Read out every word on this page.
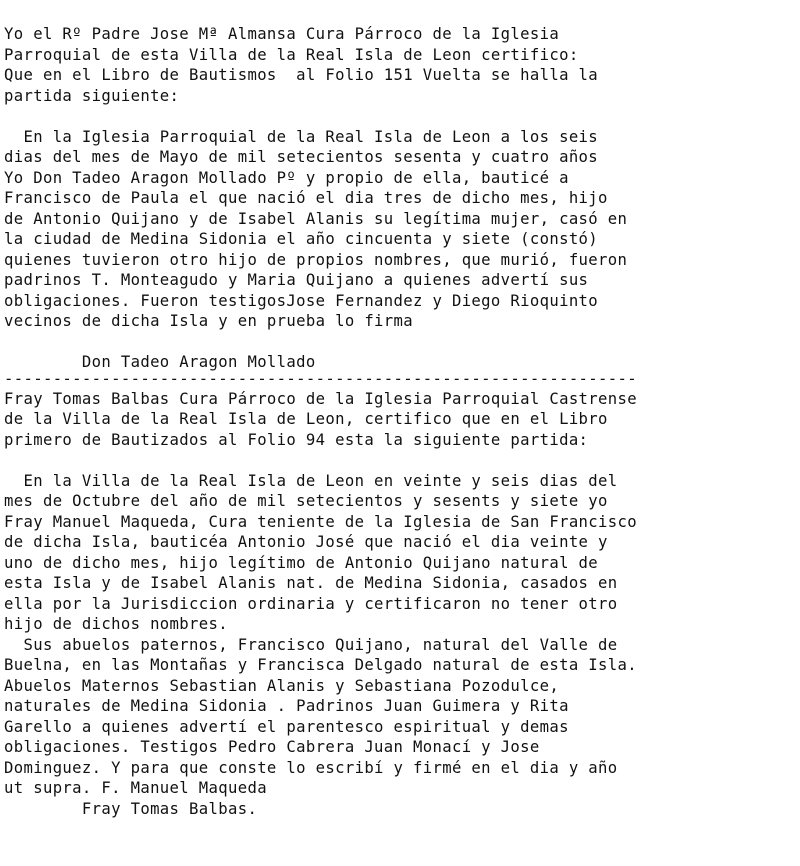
Yo el Rº Padre Jose Mª Almansa Cura Párroco de la Iglesia
Parroquial de esta Villa de la Real Isla de Leon certifico:
Que en el Libro de Bautismos  al Folio 151 Vuelta se halla la
partida siguiente:
En la Iglesia Parroquial de la Real Isla de Leon a los seis
dias del mes de Mayo de mil setecientos sesenta y cuatro años
Yo Don Tadeo Aragon Mollado Pº y propio de ella, bauticé a
Francisco de Paula el que nació el dia tres de dicho mes, hijo
de Antonio Quijano y de Isabel Alanis su legítima mujer, casó en
la ciudad de Medina Sidonia el año cincuenta y siete (constó)
quienes tuvieron otro hijo de propios nombres, que murió, fueron
padrinos T. Monteagudo y Maria Quijano a quienes advertí sus
obligaciones. Fueron testigosJose Fernandez y Diego Rioquinto
vecinos de dicha Isla y en prueba lo firma
Don Tadeo Aragon Mollado
-----------------------------------------------------------------
Fray Tomas Balbas Cura Párroco de la Iglesia Parroquial Castrense
de la Villa de la Real Isla de Leon, certifico que en el Libro
primero de Bautizados al Folio 94 esta la siguiente partida:
En la Villa de la Real Isla de Leon en veinte y seis dias del
mes de Octubre del año de mil setecientos y sesents y siete yo
Fray Manuel Maqueda, Cura teniente de la Iglesia de San Francisco
de dicha Isla, bauticéa Antonio José que nació el dia veinte y
uno de dicho mes, hijo legítimo de Antonio Quijano natural de
esta Isla y de Isabel Alanis nat. de Medina Sidonia, casados en
ella por la Jurisdiccion ordinaria y certificaron no tener otro
hijo de dichos nombres.
Sus abuelos paternos, Francisco Quijano, natural del Valle de
Buelna, en las Montañas y Francisca Delgado natural de esta Isla.
Abuelos Maternos Sebastian Alanis y Sebastiana Pozodulce,
naturales de Medina Sidonia . Padrinos Juan Guimera y Rita
Garello a quienes advertí el parentesco espiritual y demas
obligaciones. Testigos Pedro Cabrera Juan Monací y Jose
Dominguez. Y para que conste lo escribí y firmé en el dia y año
ut supra. F. Manuel Maqueda
Fray Tomas Balbas.
